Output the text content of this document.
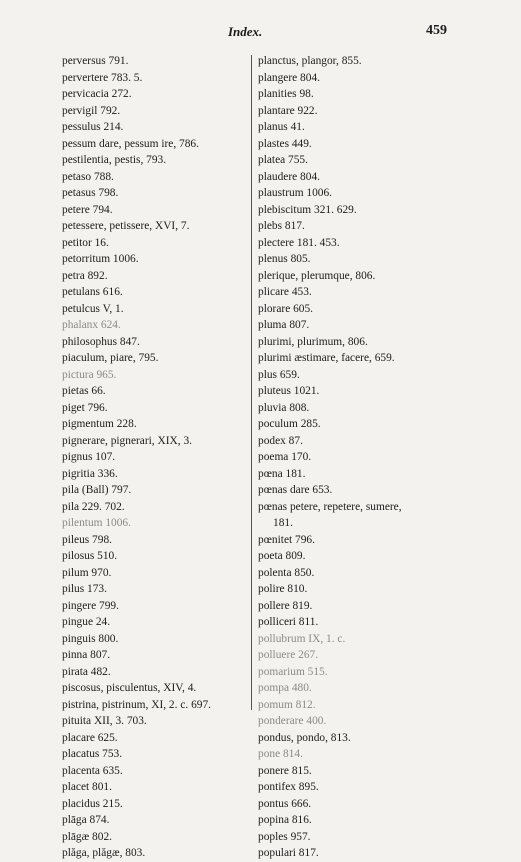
Index.	459
perversus 791.
pervertere 783. 5.
pervicacia 272.
pervigil 792.
pessulus 214.
pessum dare, pessum ire, 786.
pestilentia, pestis, 793.
petaso 788.
petasus 798.
petere 794.
petessere, petissere, XVI, 7.
petitor 16.
petorritum 1006.
petra 892.
petulans 616.
petulcus V, 1.
phalanx 624.
philosophus 847.
piaculum, piare, 795.
pictura 965.
pietas 66.
piget 796.
pigmentum 228.
pignerare, pignerari, XIX, 3.
pignus 107.
pigritia 336.
pila (Ball) 797.
pila 229. 702.
pilentum 1006.
pileus 798.
pilosus 510.
pilum 970.
pilus 173.
pingere 799.
pingue 24.
pinguis 800.
pinna 807.
pirata 482.
piscosus, pisculentus, XIV, 4.
pistrina, pistrinum, XI, 2. c. 697.
pituita XII, 3. 703.
placare 625.
placatus 753.
placenta 635.
placet 801.
placidus 215.
plāga 874.
plāgæ 802.
plăga, plăgæ, 803.
planctus, plangor, 855.
plangere 804.
planities 98.
plantare 922.
planus 41.
plastes 449.
platea 755.
plaudere 804.
plaustrum 1006.
plebiscitum 321. 629.
plebs 817.
plectere 181. 453.
plenus 805.
plerique, plerumque, 806.
plicare 453.
plorare 605.
pluma 807.
plurimi, plurimum, 806.
plurimi æstimare, facere, 659.
plus 659.
pluteus 1021.
pluvia 808.
poculum 285.
podex 87.
poema 170.
pœna 181.
pœnas dare 653.
pœnas petere, repetere, sumere,
181.
pœnitet 796.
poeta 809.
polenta 850.
polire 810.
pollere 819.
polliceri 811.
pollubrum IX, 1. c.
polluere 267.
pomarium 515.
pompa 480.
pomum 812.
ponderare 400.
pondus, pondo, 813.
pone 814.
ponere 815.
pontifex 895.
pontus 666.
popina 816.
poples 957.
populari 817.
